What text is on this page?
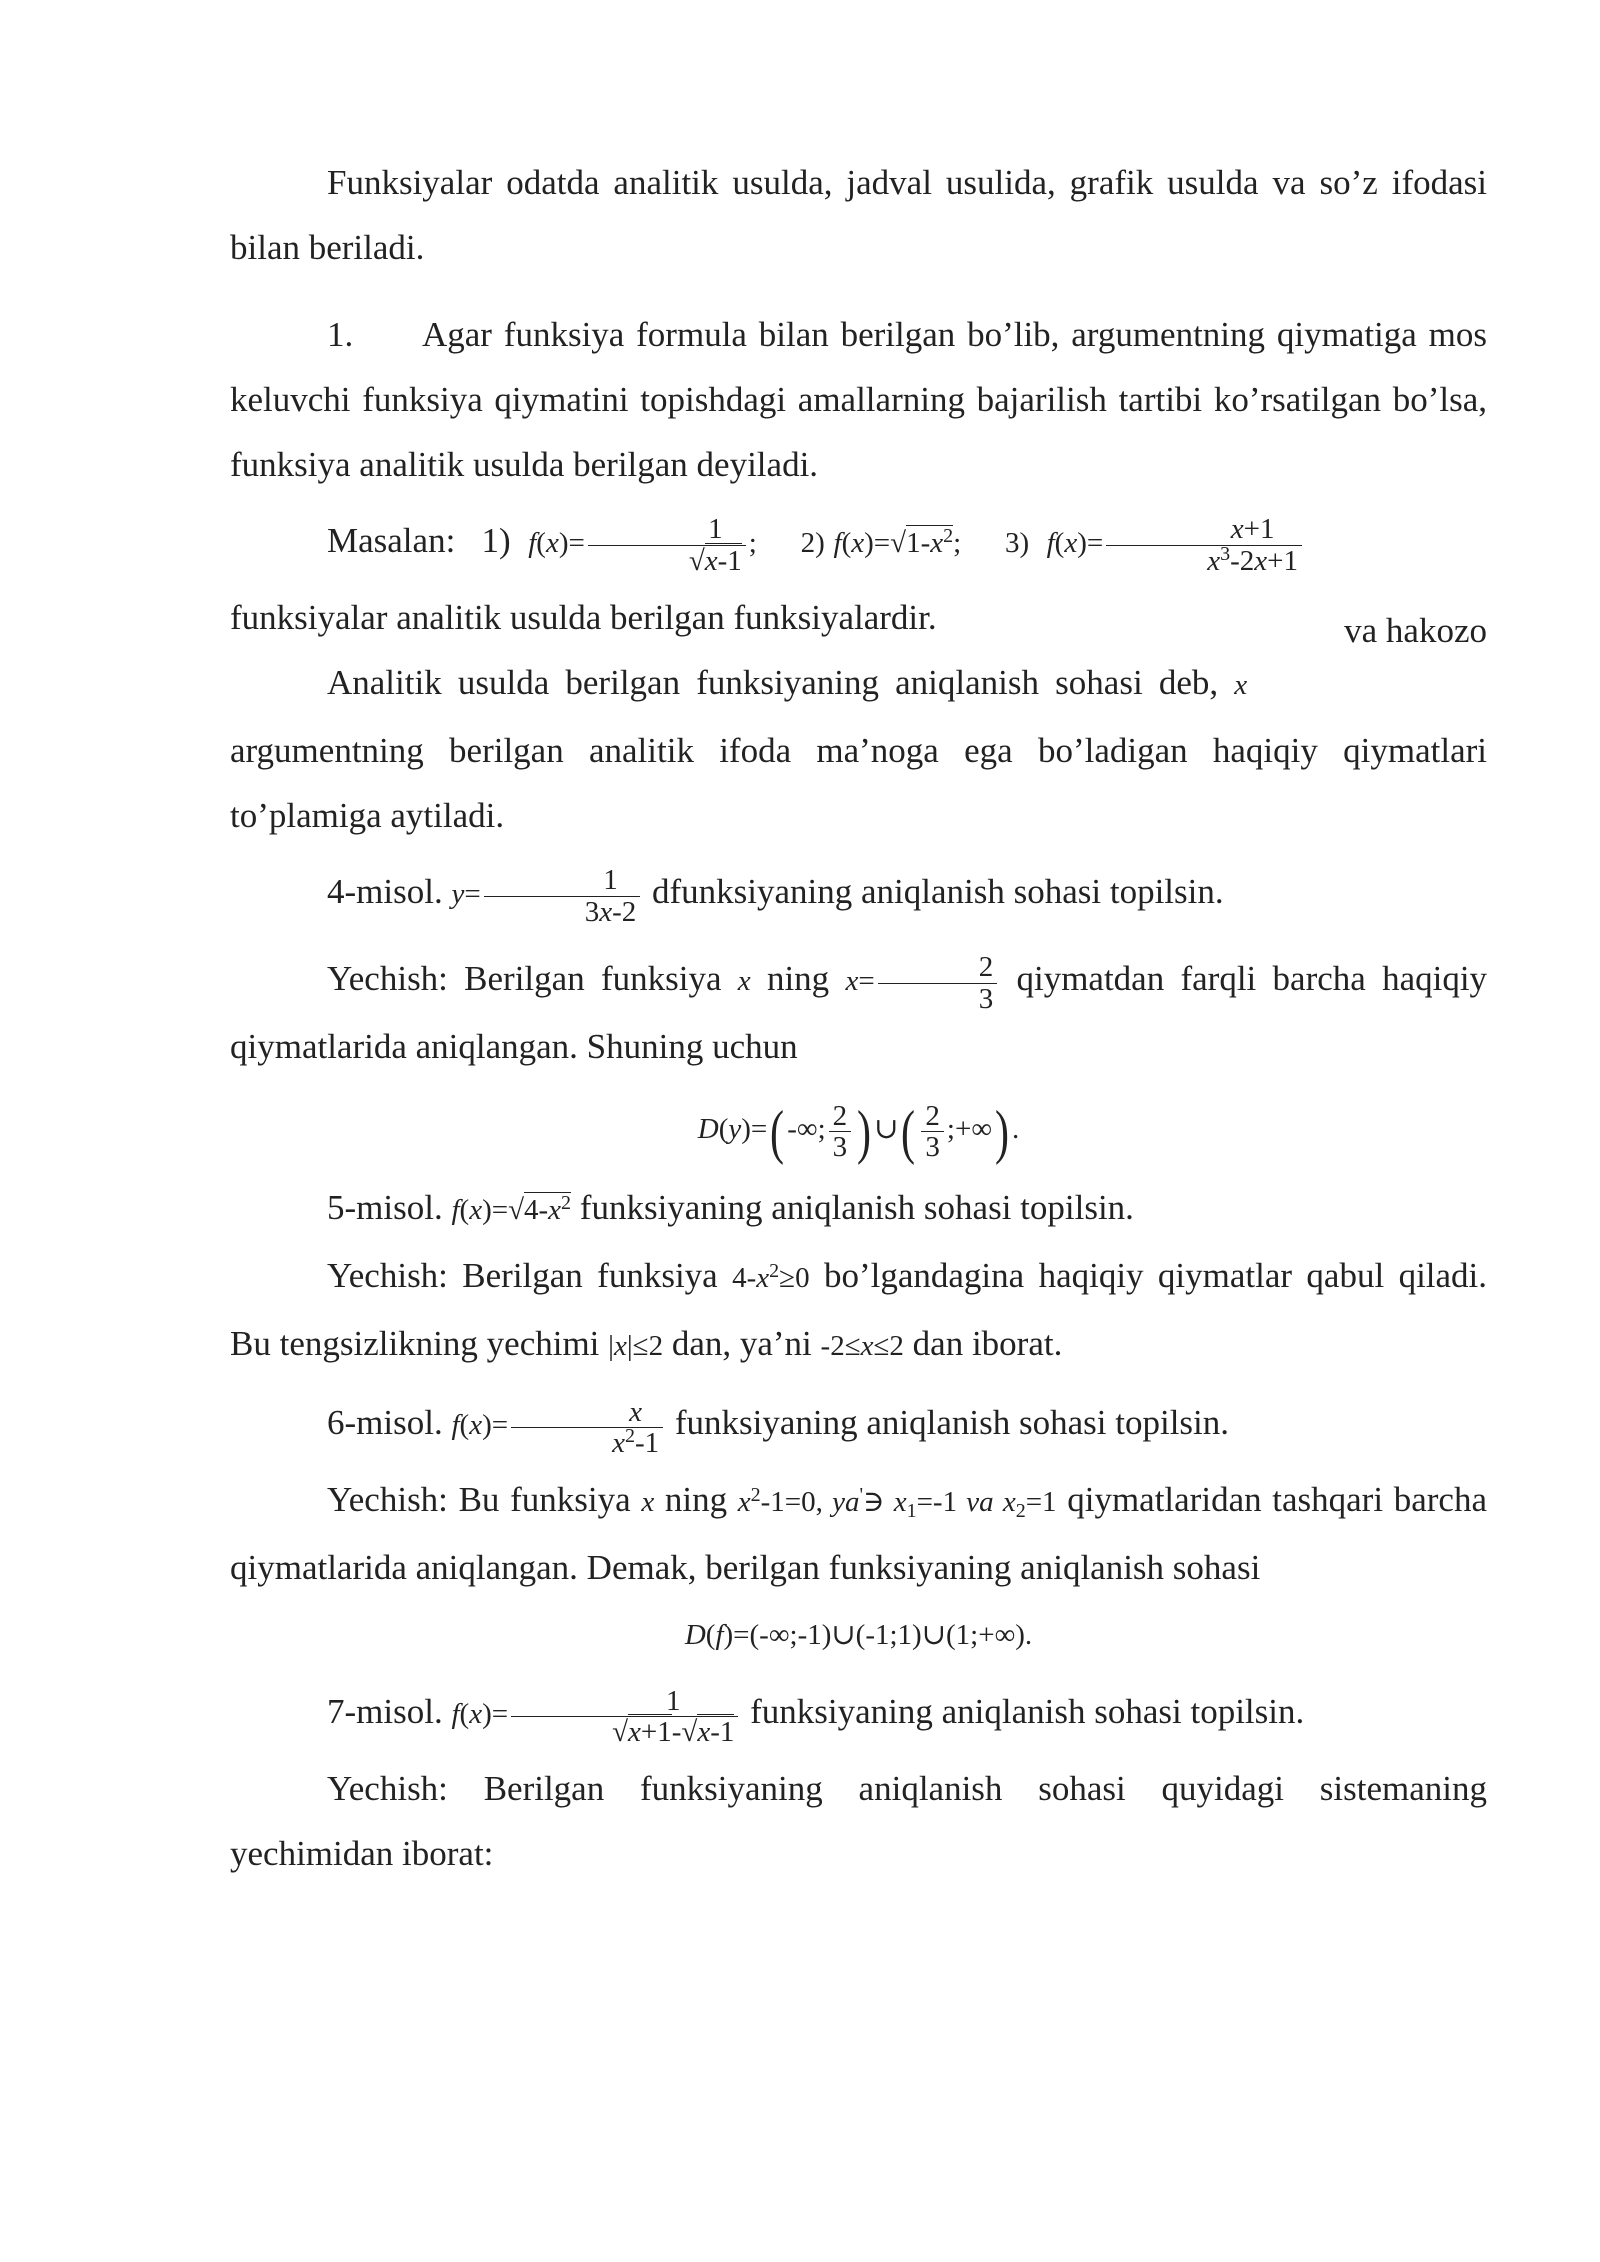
Funksiyalar odatda analitik usulda, jadval usulida, grafik usulda va so’z ifodasi bilan beriladi.

1. Agar funksiya formula bilan berilgan bo’lib, argumentning qiymatiga mos keluvchi funksiya qiymatini topishdagi amallarning bajarilish tartibi ko’rsatilgan bo’lsa, funksiya analitik usulda berilgan deyiladi.

Masalan: 1) $f(x)= \frac{1}{√x-1}$ ; 2) $f(x)=√1-x^2$; 3) $f(x)= \frac{x+1}{x^3-2x+1}$
va hakozo

funksiyalar analitik usulda berilgan funksiyalardir.

Analitik usulda berilgan funksiyaning aniqlanish sohasi deb, x argumentning berilgan analitik ifoda ma’noga ega bo’ladigan haqiqiy qiymatlari to’plamiga aytiladi.

4-misol. $y= \frac{1}{3x-2}$ dfunksiyaning aniqlanish sohasi topilsin.

Yechish: Berilgan funksiya x ning $x= \frac{2}{3}$ qiymatdan farqli barcha haqiqiy qiymatlarida aniqlangan. Shuning uchun

D(y)=( -∞; $\frac{2}{3}$ ) ∪( $\frac{2}{3}$ ;+∞) .

5-misol. $f(x)=√4-x^2$ funksiyaning aniqlanish sohasi topilsin.

Yechish: Berilgan funksiya $4-x^2\ge 0$ bo’lgandagina haqiqiy qiymatlar qabul qiladi. Bu tengsizlikning yechimi |x|≤2 dan, ya’ni -2≤x≤2 dan iborat.

6-misol. $f(x)= \frac{x}{x^2-1}$ funksiyaning aniqlanish sohasi topilsin.

Yechish: Bu funksiya x ning $x^2-1=0$, ya'∋ $x_1=-1$ va $x_2=1$ qiymatlaridan tashqari barcha qiymatlarida aniqlangan. Demak, berilgan funksiyaning aniqlanish sohasi

D(f)=(-∞;-1)∪(-1;1)∪(1;+∞).

7-misol. $f(x)= \frac{1}{√x+1-√x-1}$ funksiyaning aniqlanish sohasi topilsin.

Yechish: Berilgan funksiyaning aniqlanish sohasi quyidagi sistemaning yechimidan iborat:
